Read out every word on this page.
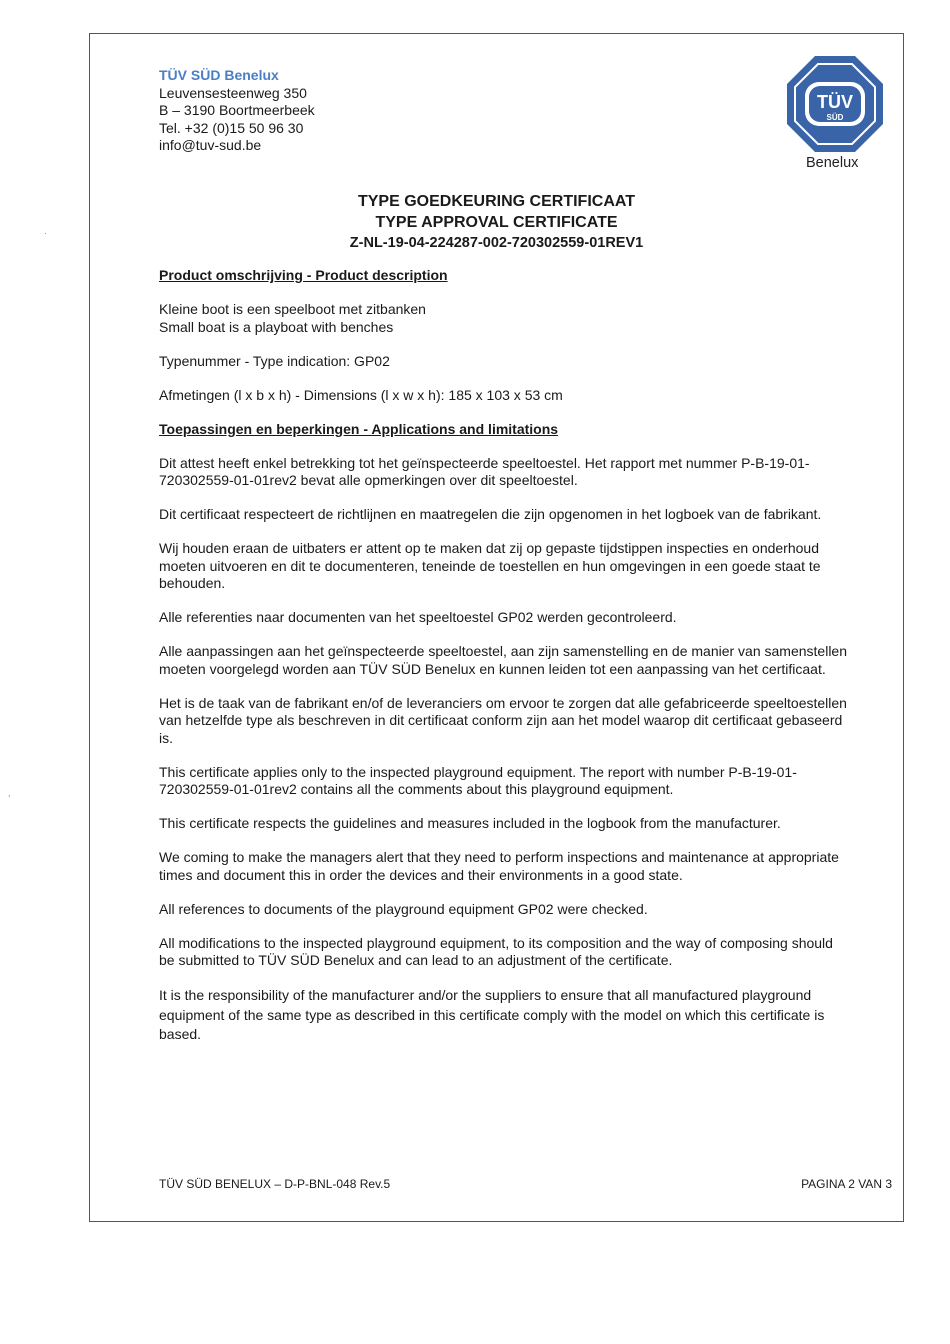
TÜV SÜD Benelux
Leuvensesteenweg 350
B – 3190 Boortmeerbeek
Tel. +32 (0)15 50 96 30
info@tuv-sud.be
TÜV
SÜD
Benelux
TYPE GOEDKEURING CERTIFICAAT
TYPE APPROVAL CERTIFICATE
Z-NL-19-04-224287-002-720302559-01REV1
Product omschrijving - Product description

Kleine boot is een speelboot met zitbanken
Small boat is a playboat with benches

Typenummer - Type indication: GP02

Afmetingen (l x b x h) - Dimensions (l x w x h): 185 x 103 x 53 cm

Toepassingen en beperkingen - Applications and limitations

Dit attest heeft enkel betrekking tot het geïnspecteerde speeltoestel. Het rapport met nummer P-B-19-01-720302559-01-01rev2 bevat alle opmerkingen over dit speeltoestel.

Dit certificaat respecteert de richtlijnen en maatregelen die zijn opgenomen in het logboek van de fabrikant.

Wij houden eraan de uitbaters er attent op te maken dat zij op gepaste tijdstippen inspecties en onderhoud moeten uitvoeren en dit te documenteren, teneinde de toestellen en hun omgevingen in een goede staat te behouden.

Alle referenties naar documenten van het speeltoestel GP02 werden gecontroleerd.

Alle aanpassingen aan het geïnspecteerde speeltoestel, aan zijn samenstelling en de manier van samenstellen moeten voorgelegd worden aan TÜV SÜD Benelux en kunnen leiden tot een aanpassing van het certificaat.

Het is de taak van de fabrikant en/of de leveranciers om ervoor te zorgen dat alle gefabriceerde speeltoestellen van hetzelfde type als beschreven in dit certificaat conform zijn aan het model waarop dit certificaat gebaseerd is.

This certificate applies only to the inspected playground equipment. The report with number P-B-19-01-720302559-01-01rev2 contains all the comments about this playground equipment.

This certificate respects the guidelines and measures included in the logbook from the manufacturer.

We coming to make the managers alert that they need to perform inspections and maintenance at appropriate times and document this in order the devices and their environments in a good state.

All references to documents of the playground equipment GP02 were checked.

All modifications to the inspected playground equipment, to its composition and the way of composing should be submitted to TÜV SÜD Benelux and can lead to an adjustment of the certificate.

It is the responsibility of the manufacturer and/or the suppliers to ensure that all manufactured playground equipment of the same type as described in this certificate comply with the model on which this certificate is based.

TÜV SÜD BENELUX – D-P-BNL-048 Rev.5	PAGINA 2 VAN 3
·
,
